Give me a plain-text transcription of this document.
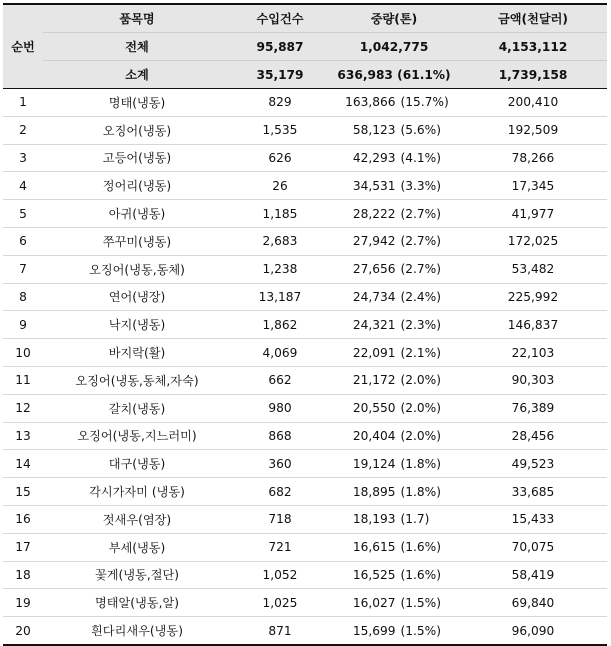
순번	품목명	수입건수	중량(톤)	금액(천달러)
	전체	95,887	1,042,775	4,153,112
	소계	35,179	636,983 (61.1%)	1,739,158
1	명태(냉동)	829	163,866 (15.7%)	200,410
2	오징어(냉동)	1,535	58,123 (5.6%)	192,509
3	고등어(냉동)	626	42,293 (4.1%)	78,266
4	정어리(냉동)	26	34,531 (3.3%)	17,345
5	아귀(냉동)	1,185	28,222 (2.7%)	41,977
6	쭈꾸미(냉동)	2,683	27,942 (2.7%)	172,025
7	오징어(냉동,동체)	1,238	27,656 (2.7%)	53,482
8	연어(냉장)	13,187	24,734 (2.4%)	225,992
9	낙지(냉동)	1,862	24,321 (2.3%)	146,837
10	바지락(활)	4,069	22,091 (2.1%)	22,103
11	오징어(냉동,동체,자숙)	662	21,172 (2.0%)	90,303
12	갈치(냉동)	980	20,550 (2.0%)	76,389
13	오징어(냉동,지느러미)	868	20,404 (2.0%)	28,456
14	대구(냉동)	360	19,124 (1.8%)	49,523
15	각시가자미 (냉동)	682	18,895 (1.8%)	33,685
16	젓새우(염장)	718	18,193 (1.7)	15,433
17	부세(냉동)	721	16,615 (1.6%)	70,075
18	꽃게(냉동,절단)	1,052	16,525 (1.6%)	58,419
19	명태알(냉동,알)	1,025	16,027 (1.5%)	69,840
20	흰다리새우(냉동)	871	15,699 (1.5%)	96,090
